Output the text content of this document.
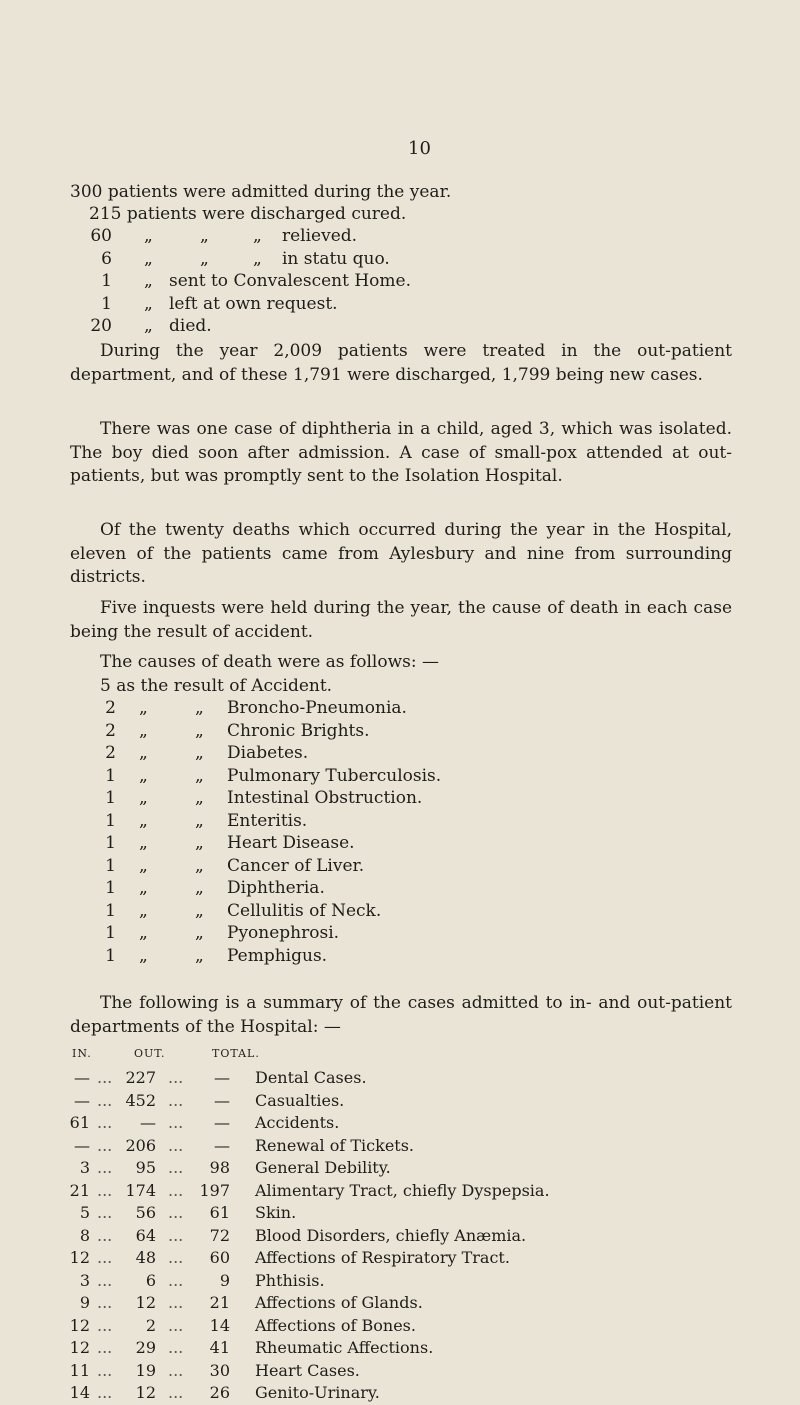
10
300 patients were admitted during the year.
215 patients were discharged cured.
60 „	„	„ relieved.
6 „	„	„ in statu quo.
1 „ sent to Convalescent Home.
1 „ left at own request.
20 „ died.

During the year 2,009 patients were treated in the out-patient department, and of these 1,791 were discharged, 1,799 being new cases.

There was one case of diphtheria in a child, aged 3, which was isolated. The boy died soon after admission. A case of small-pox attended at out-patients, but was promptly sent to the Isolation Hospital.

Of the twenty deaths which occurred during the year in the Hospital, eleven of the patients came from Aylesbury and nine from surrounding districts.

Five inquests were held during the year, the cause of death in each case being the result of accident.

The causes of death were as follows: —

5 as the result of Accident.
2 „	„ Broncho-Pneumonia.
2 „	„ Chronic Brights.
2 „	„ Diabetes.
1 „	„ Pulmonary Tuberculosis.
1 „	„ Intestinal Obstruction.
1 „	„ Enteritis.
1 „	„ Heart Disease.
1 „	„ Cancer of Liver.
1 „	„ Diphtheria.
1 „	„ Cellulitis of Neck.
1 „	„ Pyonephrosi.
1 „	„ Pemphigus.

The following is a summary of the cases admitted to in- and out-patient departments of the Hospital: —

IN.	OUT.	TOTAL.
— ... 227 ...	— Dental Cases.
— ... 452 ...	— Casualties.
61 ...	— ...	— Accidents.
— ... 206 ...	— Renewal of Tickets.
3 ...	95 ...	98 General Debility.
21 ... 174 ...	197 Alimentary Tract, chiefly Dyspepsia.
5 ...	56 ...	61 Skin.
8 ...	64 ...	72 Blood Disorders, chiefly Anæmia.
12 ...	48 ...	60 Affections of Respiratory Tract.
3 ...	6 ...	9 Phthisis.
9 ...	12 ...	21 Affections of Glands.
12 ...	2 ...	14 Affections of Bones.
12 ...	29 ...	41 Rheumatic Affections.
11 ...	19 ...	30 Heart Cases.
14 ...	12 ...	26 Genito-Urinary.
